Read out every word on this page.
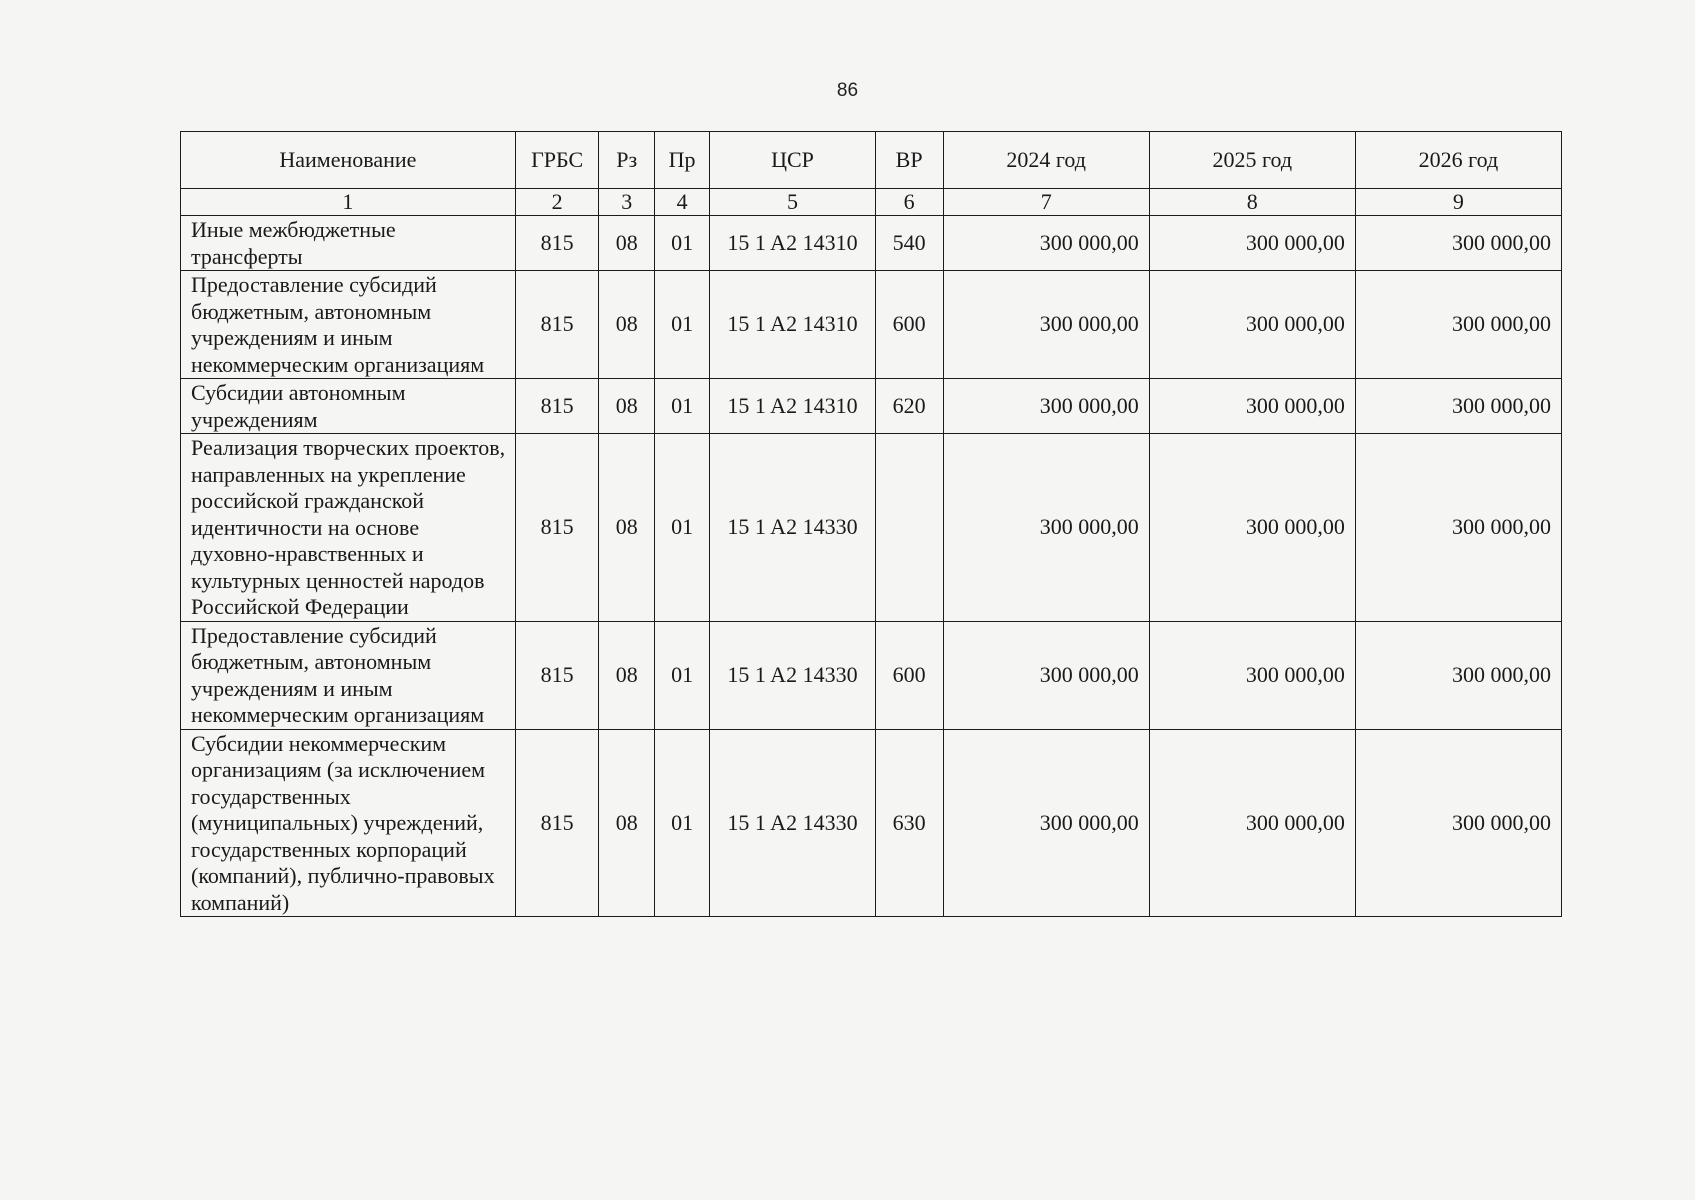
86
Наименование	ГРБС	Рз	Пр	ЦСР	ВР	2024 год	2025 год	2026 год
1	2	3	4	5	6	7	8	9
Иные межбюджетные трансферты	815	08	01	15 1 A2 14310	540	300 000,00	300 000,00	300 000,00
Предоставление субсидий бюджетным, автономным учреждениям и иным некоммерческим организациям	815	08	01	15 1 A2 14310	600	300 000,00	300 000,00	300 000,00
Субсидии автономным учреждениям	815	08	01	15 1 A2 14310	620	300 000,00	300 000,00	300 000,00
Реализация творческих проектов, направленных на укрепление российской гражданской идентичности на основе духовно-нравственных и культурных ценностей народов Российской Федерации	815	08	01	15 1 A2 14330		300 000,00	300 000,00	300 000,00
Предоставление субсидий бюджетным, автономным учреждениям и иным некоммерческим организациям	815	08	01	15 1 A2 14330	600	300 000,00	300 000,00	300 000,00
Субсидии некоммерческим организациям (за исключением государственных (муниципальных) учреждений, государственных корпораций (компаний), публично-правовых компаний)	815	08	01	15 1 A2 14330	630	300 000,00	300 000,00	300 000,00
